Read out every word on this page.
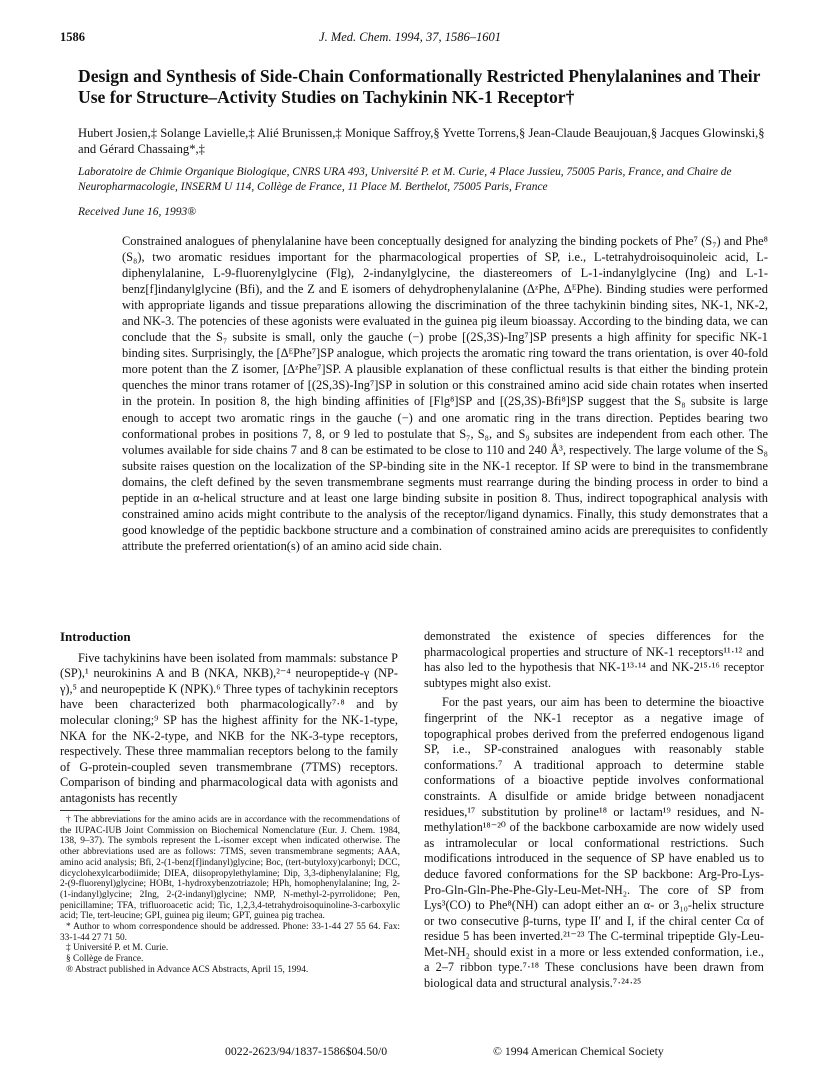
1586	J. Med. Chem. 1994, 37, 1586–1601
Design and Synthesis of Side-Chain Conformationally Restricted Phenylalanines and Their Use for Structure–Activity Studies on Tachykinin NK-1 Receptor†
Hubert Josien,‡ Solange Lavielle,‡ Alié Brunissen,‡ Monique Saffroy,§ Yvette Torrens,§ Jean-Claude Beaujouan,§ Jacques Glowinski,§ and Gérard Chassaing*,‡
Laboratoire de Chimie Organique Biologique, CNRS URA 493, Université P. et M. Curie, 4 Place Jussieu, 75005 Paris, France, and Chaire de Neuropharmacologie, INSERM U 114, Collège de France, 11 Place M. Berthelot, 75005 Paris, France
Received June 16, 1993®
Constrained analogues of phenylalanine have been conceptually designed for analyzing the binding pockets of Phe⁷ (S₇) and Phe⁸ (S₈), two aromatic residues important for the pharmacological properties of SP, i.e., L-tetrahydroisoquinoleic acid, L-diphenylalanine, L-9-fluorenylglycine (Flg), 2-indanylglycine, the diastereomers of L-1-indanylglycine (Ing) and L-1-benz[f]indanylglycine (Bfi), and the Z and E isomers of dehydrophenylalanine (ΔᶻPhe, ΔᴱPhe). Binding studies were performed with appropriate ligands and tissue preparations allowing the discrimination of the three tachykinin binding sites, NK-1, NK-2, and NK-3. The potencies of these agonists were evaluated in the guinea pig ileum bioassay. According to the binding data, we can conclude that the S₇ subsite is small, only the gauche (−) probe [(2S,3S)-Ing⁷]SP presents a high affinity for specific NK-1 binding sites. Surprisingly, the [ΔᴱPhe⁷]SP analogue, which projects the aromatic ring toward the trans orientation, is over 40-fold more potent than the Z isomer, [ΔᶻPhe⁷]SP. A plausible explanation of these conflictual results is that either the binding protein quenches the minor trans rotamer of [(2S,3S)-Ing⁷]SP in solution or this constrained amino acid side chain rotates when inserted in the protein. In position 8, the high binding affinities of [Flg⁸]SP and [(2S,3S)-Bfi⁸]SP suggest that the S₈ subsite is large enough to accept two aromatic rings in the gauche (−) and one aromatic ring in the trans direction. Peptides bearing two conformational probes in positions 7, 8, or 9 led to postulate that S₇, S₈, and S₉ subsites are independent from each other. The volumes available for side chains 7 and 8 can be estimated to be close to 110 and 240 Å³, respectively. The large volume of the S₈ subsite raises question on the localization of the SP-binding site in the NK-1 receptor. If SP were to bind in the transmembrane domains, the cleft defined by the seven transmembrane segments must rearrange during the binding process in order to bind a peptide in an α-helical structure and at least one large binding subsite in position 8. Thus, indirect topographical analysis with constrained amino acids might contribute to the analysis of the receptor/ligand dynamics. Finally, this study demonstrates that a good knowledge of the peptidic backbone structure and a combination of constrained amino acids are prerequisites to confidently attribute the preferred orientation(s) of an amino acid side chain.
Introduction

Five tachykinins have been isolated from mammals: substance P (SP),¹ neurokinins A and B (NKA, NKB),²⁻⁴ neuropeptide-γ (NP-γ),⁵ and neuropeptide K (NPK).⁶ Three types of tachykinin receptors have been characterized both pharmacologically⁷·⁸ and by molecular cloning;⁹ SP has the highest affinity for the NK-1-type, NKA for the NK-2-type, and NKB for the NK-3-type receptors, respectively. These three mammalian receptors belong to the family of G-protein-coupled seven transmembrane (7TMS) receptors. Comparison of binding and pharmacological data with agonists and antagonists has recently

† The abbreviations for the amino acids are in accordance with the recommendations of the IUPAC-IUB Joint Commission on Biochemical Nomenclature (Eur. J. Chem. 1984, 138, 9–37). The symbols represent the L-isomer except when indicated otherwise. The other abbreviations used are as follows: 7TMS, seven transmembrane segments; AAA, amino acid analysis; Bfi, 2-(1-benz[f]indanyl)glycine; Boc, (tert-butyloxy)carbonyl; DCC, dicyclohexylcarbodiimide; DIEA, diisopropylethylamine; Dip, 3,3-diphenylalanine; Flg, 2-(9-fluorenyl)glycine; HOBt, 1-hydroxybenzotriazole; HPh, homophenylalanine; Ing, 2-(1-indanyl)glycine; 2Ing, 2-(2-indanyl)glycine; NMP, N-methyl-2-pyrrolidone; Pen, penicillamine; TFA, trifluoroacetic acid; Tic, 1,2,3,4-tetrahydroisoquinoline-3-carboxylic acid; Tle, tert-leucine; GPI, guinea pig ileum; GPT, guinea pig trachea.

* Author to whom correspondence should be addressed. Phone: 33-1-44 27 55 64. Fax: 33-1-44 27 71 50.

‡ Université P. et M. Curie.

§ Collège de France.

® Abstract published in Advance ACS Abstracts, April 15, 1994.

demonstrated the existence of species differences for the pharmacological properties and structure of NK-1 receptors¹¹·¹² and has also led to the hypothesis that NK-1¹³·¹⁴ and NK-2¹⁵·¹⁶ receptor subtypes might also exist.

For the past years, our aim has been to determine the bioactive fingerprint of the NK-1 receptor as a negative image of topographical probes derived from the preferred endogenous ligand SP, i.e., SP-constrained analogues with reasonably stable conformations.⁷ A traditional approach to determine stable conformations of a bioactive peptide involves conformational constraints. A disulfide or amide bridge between nonadjacent residues,¹⁷ substitution by proline¹⁸ or lactam¹⁹ residues, and N-methylation¹⁸⁻²⁰ of the backbone carboxamide are now widely used as intramolecular or local conformational restrictions. Such modifications introduced in the sequence of SP have enabled us to deduce favored conformations for the SP backbone: Arg-Pro-Lys-Pro-Gln-Gln-Phe-Phe-Gly-Leu-Met-NH₂. The core of SP from Lys³(CO) to Phe⁸(NH) can adopt either an α- or 3₁₀-helix structure or two consecutive β-turns, type II′ and I, if the chiral center Cα of residue 5 has been inverted.²¹⁻²³ The C-terminal tripeptide Gly-Leu-Met-NH₂ should exist in a more or less extended conformation, i.e., a 2–7 ribbon type.⁷·¹⁸ These conclusions have been drawn from biological data and structural analysis.⁷·²⁴·²⁵

0022-2623/94/1837-1586$04.50/0	© 1994 American Chemical Society
